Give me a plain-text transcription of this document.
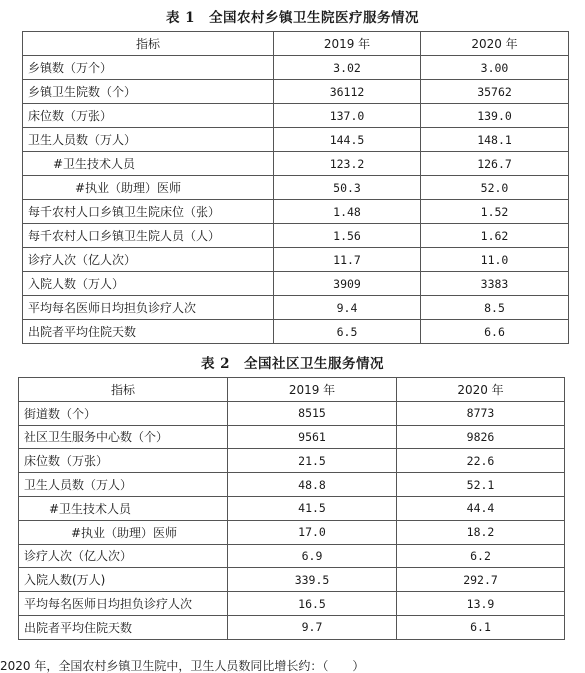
表 1　全国农村乡镇卫生院医疗服务情况
指标	2019 年	2020 年
乡镇数（万个）	3.02	3.00
乡镇卫生院数（个）	36112	35762
床位数（万张）	137.0	139.0
卫生人员数（万人）	144.5	148.1
#卫生技术人员	123.2	126.7
#执业（助理）医师	50.3	52.0
每千农村人口乡镇卫生院床位（张）	1.48	1.52
每千农村人口乡镇卫生院人员（人）	1.56	1.62
诊疗人次（亿人次）	11.7	11.0
入院人数（万人）	3909	3383
平均每名医师日均担负诊疗人次	9.4	8.5
出院者平均住院天数	6.5	6.6
表 2　全国社区卫生服务情况
指标	2019 年	2020 年
街道数（个）	8515	8773
社区卫生服务中心数（个）	9561	9826
床位数（万张）	21.5	22.6
卫生人员数（万人）	48.8	52.1
#卫生技术人员	41.5	44.4
#执业（助理）医师	17.0	18.2
诊疗人次（亿人次）	6.9	6.2
入院人数(万人)	339.5	292.7
平均每名医师日均担负诊疗人次	16.5	13.9
出院者平均住院天数	9.7	6.1
2020 年，全国农村乡镇卫生院中，卫生人员数同比增长约：（　　）
